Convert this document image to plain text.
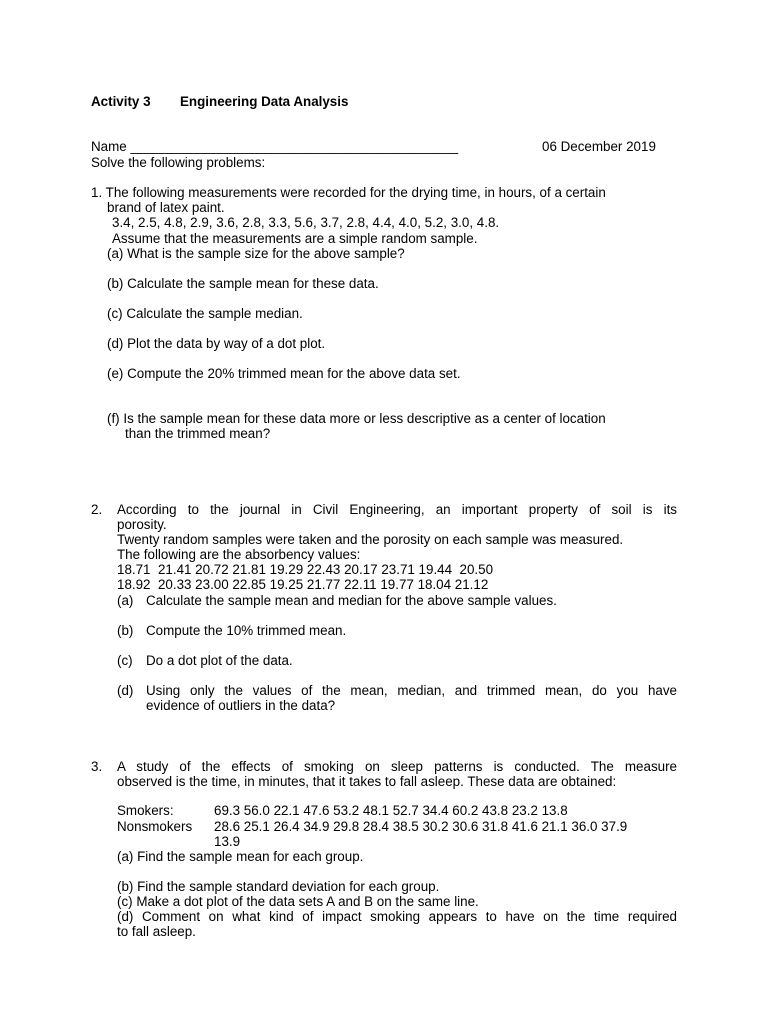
Activity 3 Engineering Data Analysis
Name ____________________________________________	06 December 2019
Solve the following problems:
1. The following measurements were recorded for the drying time, in hours, of a certain
brand of latex paint.
3.4, 2.5, 4.8, 2.9, 3.6, 2.8, 3.3, 5.6, 3.7, 2.8, 4.4, 4.0, 5.2, 3.0, 4.8.
Assume that the measurements are a simple random sample.
(a) What is the sample size for the above sample?
(b) Calculate the sample mean for these data.
(c) Calculate the sample median.
(d) Plot the data by way of a dot plot.
(e) Compute the 20% trimmed mean for the above data set.
(f) Is the sample mean for these data more or less descriptive as a center of location
than the trimmed mean?
2. According to the journal in Civil Engineering, an important property of soil is its
porosity.
Twenty random samples were taken and the porosity on each sample was measured.
The following are the absorbency values:
18.71  21.41 20.72 21.81 19.29 22.43 20.17 23.71 19.44  20.50
18.92  20.33 23.00 22.85 19.25 21.77 22.11 19.77 18.04 21.12
(a) Calculate the sample mean and median for the above sample values.
(b) Compute the 10% trimmed mean.
(c) Do a dot plot of the data.
(d) Using only the values of the mean, median, and trimmed mean, do you have
evidence of outliers in the data?
3. A study of the effects of smoking on sleep patterns is conducted. The measure
observed is the time, in minutes, that it takes to fall asleep. These data are obtained:
Smokers:	69.3 56.0 22.1 47.6 53.2 48.1 52.7 34.4 60.2 43.8 23.2 13.8
Nonsmokers 28.6 25.1 26.4 34.9 29.8 28.4 38.5 30.2 30.6 31.8 41.6 21.1 36.0 37.9
13.9
(a) Find the sample mean for each group.
(b) Find the sample standard deviation for each group.
(c) Make a dot plot of the data sets A and B on the same line.
(d) Comment on what kind of impact smoking appears to have on the time required
to fall asleep.
